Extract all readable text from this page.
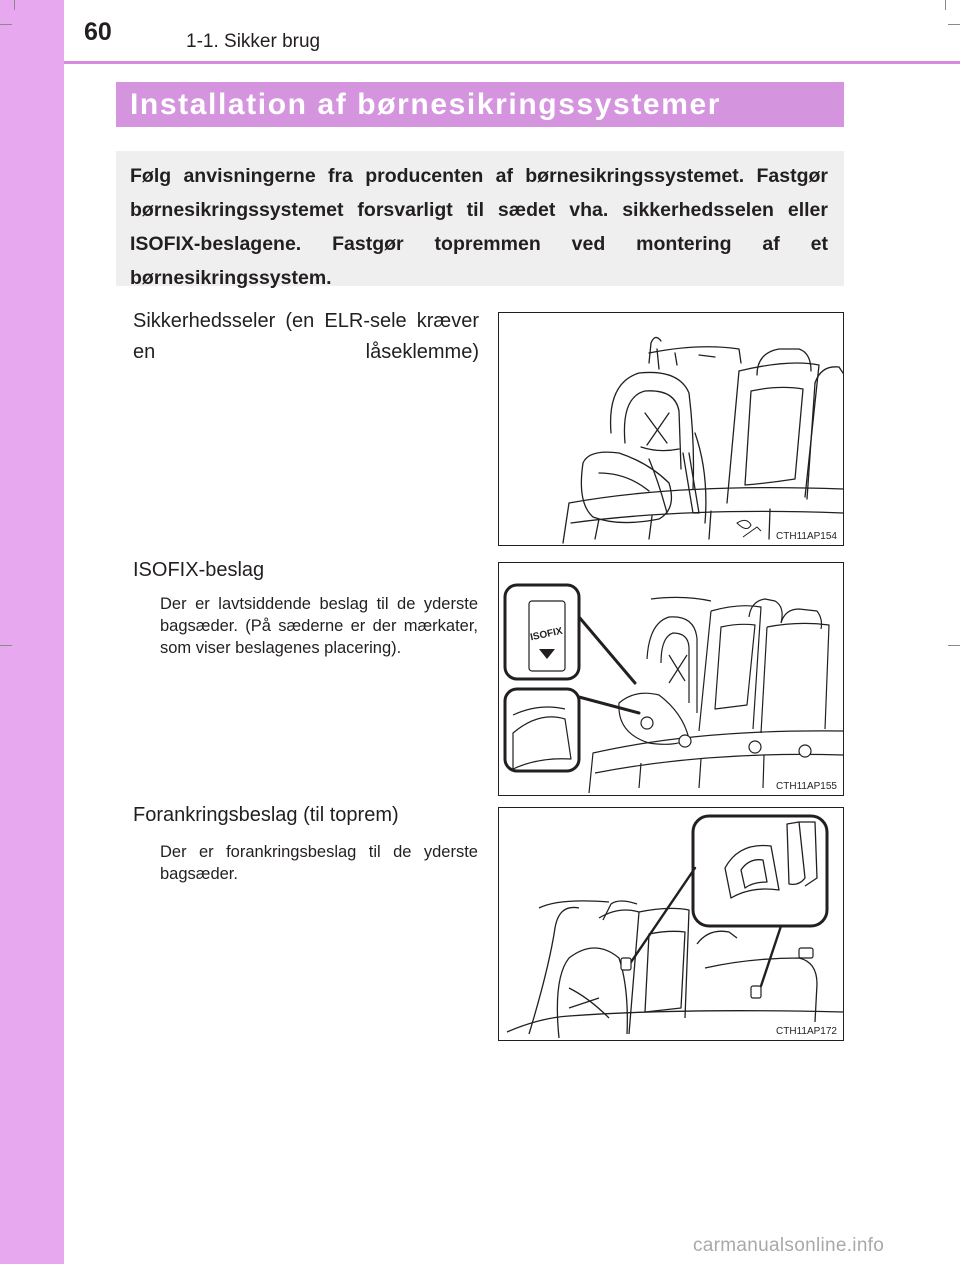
60	1-1. Sikker brug
Installation af børnesikringssystemer
Følg anvisningerne fra producenten af børnesikringssystemet. Fastgør børnesikringssystemet forsvarligt til sædet vha. sikkerhedsselen eller ISOFIX-beslagene. Fastgør topremmen ved montering af et børnesikringssystem.
Sikkerhedsseler (en ELR-sele kræver en låseklemme)
CTH11AP154
ISOFIX-beslag
Der er lavtsiddende beslag til de yderste bagsæder. (På sæderne er der mærkater, som viser beslagenes placering).
ISOFIX
CTH11AP155
Forankringsbeslag (til toprem)
Der er forankringsbeslag til de yderste bagsæder.
CTH11AP172
carmanualsonline.info
